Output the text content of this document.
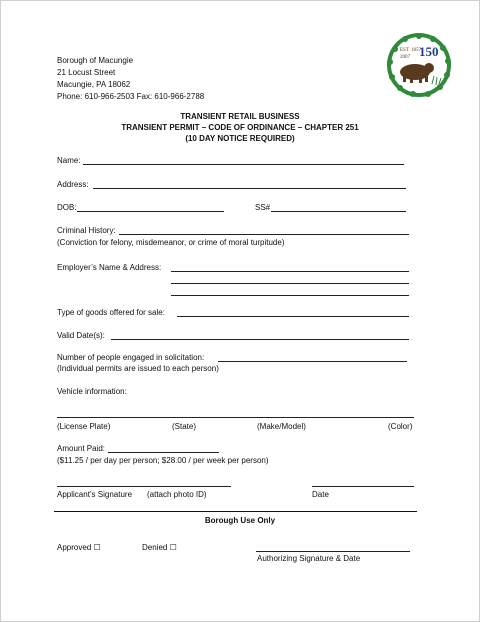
Borough of Macungie
21 Locust Street
Macungie, PA 18062
Phone: 610-966-2503 Fax: 610-966-2788
EST. 1857
2007 150
TRANSIENT RETAIL BUSINESS
TRANSIENT PERMIT – CODE OF ORDINANCE – CHAPTER 251
(10 DAY NOTICE REQUIRED)
Name:
Address:
DOB:	SS#
Criminal History:
(Conviction for felony, misdemeanor, or crime of moral turpitude)
Employer’s Name & Address:
Type of goods offered for sale:
Valid Date(s):
Number of people engaged in solicitation:
(Individual permits are issued to each person)
Vehicle information:
(License Plate)	(State)	(Make/Model)	(Color)
Amount Paid:
($11.25 / per day per person; $28.00 / per week per person)
Applicant’s Signature (attach photo ID)	Date
Borough Use Only
Approved ☐	Denied ☐
Authorizing Signature & Date
